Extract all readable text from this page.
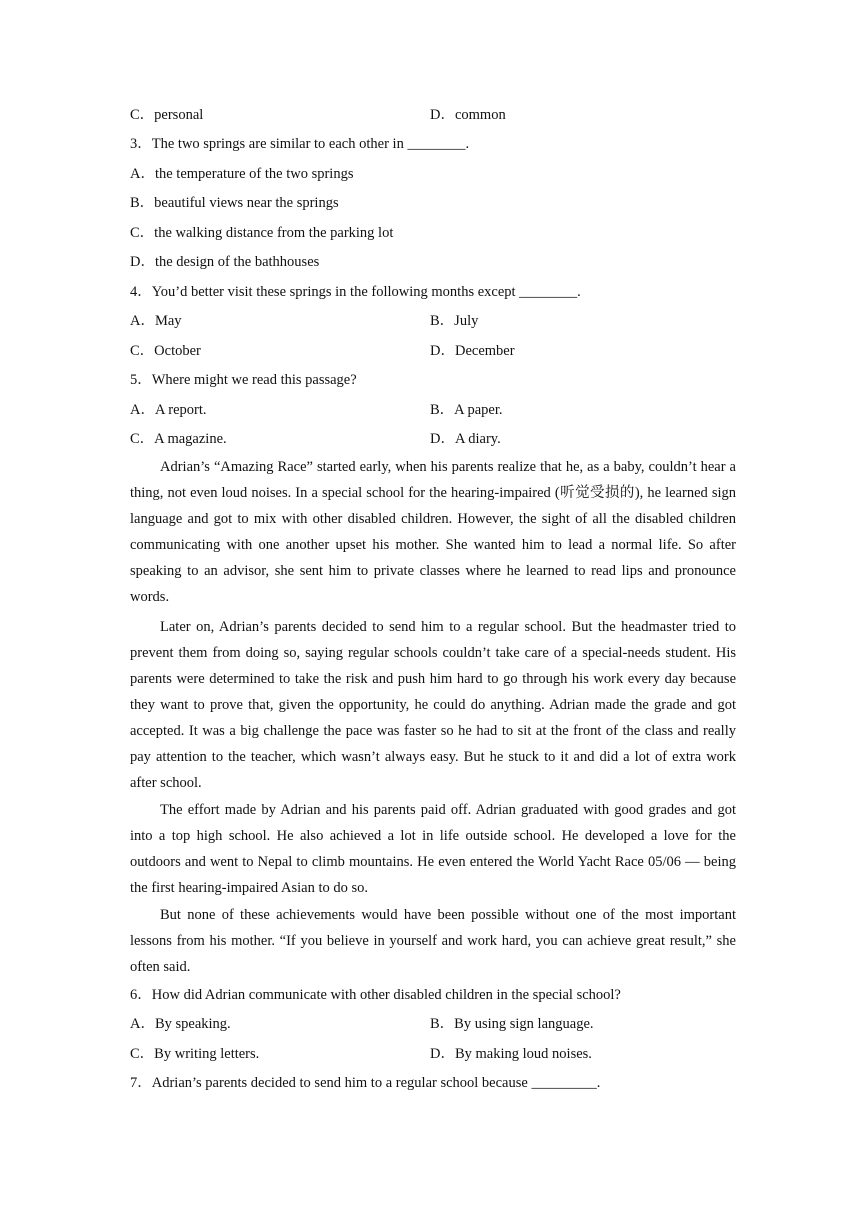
C．personal	D．common
3．The two springs are similar to each other in ________.
A．the temperature of the two springs
B．beautiful views near the springs
C．the walking distance from the parking lot
D．the design of the bathhouses
4．You’d better visit these springs in the following months except ________.
A．May	B．July
C．October	D．December
5．Where might we read this passage?
A．A report.	B．A paper.
C．A magazine.	D．A diary.
Adrian’s “Amazing Race” started early, when his parents realize that he, as a baby, couldn’t hear a thing, not even loud noises. In a special school for the hearing-impaired (听觉受损的), he learned sign language and got to mix with other disabled children. However, the sight of all the disabled children communicating with one another upset his mother. She wanted him to lead a normal life. So after speaking to an advisor, she sent him to private classes where he learned to read lips and pronounce words.
Later on, Adrian’s parents decided to send him to a regular school. But the headmaster tried to prevent them from doing so, saying regular schools couldn’t take care of a special-needs student. His parents were determined to take the risk and push him hard to go through his work every day because they want to prove that, given the opportunity, he could do anything. Adrian made the grade and got accepted. It was a big challenge the pace was faster so he had to sit at the front of the class and really pay attention to the teacher, which wasn’t always easy. But he stuck to it and did a lot of extra work after school.
The effort made by Adrian and his parents paid off. Adrian graduated with good grades and got into a top high school. He also achieved a lot in life outside school. He developed a love for the outdoors and went to Nepal to climb mountains. He even entered the World Yacht Race 05/06 — being the first hearing-impaired Asian to do so.
But none of these achievements would have been possible without one of the most important lessons from his mother. “If you believe in yourself and work hard, you can achieve great result,” she often said.
6．How did Adrian communicate with other disabled children in the special school?
A．By speaking.	B．By using sign language.
C．By writing letters.	D．By making loud noises.
7．Adrian’s parents decided to send him to a regular school because _________.
